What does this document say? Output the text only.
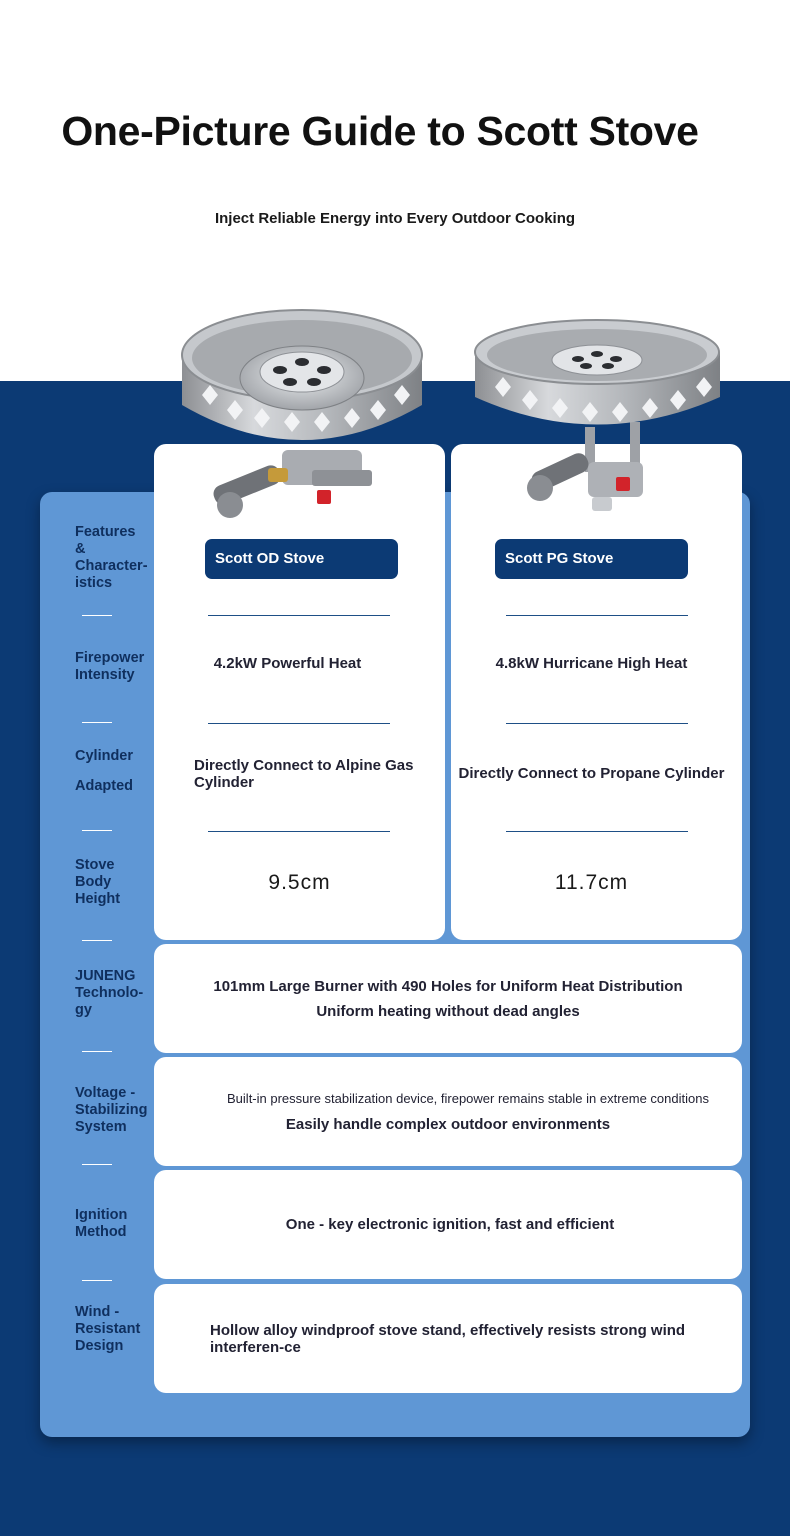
One-Picture Guide to Scott Stove

Inject Reliable Energy into Every Outdoor Cooking

Features
&
Character-
istics
Firepower
Intensity
Cylinder
Adapted
Stove
Body
Height
JUNENG
Technolo-
gy
Voltage -
Stabilizing
System
Ignition
Method
Wind -
Resistant
Design
Scott OD Stove
4.2kW Powerful Heat
Directly Connect to Alpine Gas Cylinder
9.5cm
Scott PG Stove
4.8kW Hurricane High Heat
Directly Connect to Propane Cylinder
11.7cm
101mm Large Burner with 490 Holes for Uniform Heat Distribution
Uniform heating without dead angles
Built-in pressure stabilization device, firepower remains stable in extreme conditions
Easily handle complex outdoor environments
One - key electronic ignition, fast and efficient
Hollow alloy windproof stove stand, effectively resists strong wind interferen-ce
